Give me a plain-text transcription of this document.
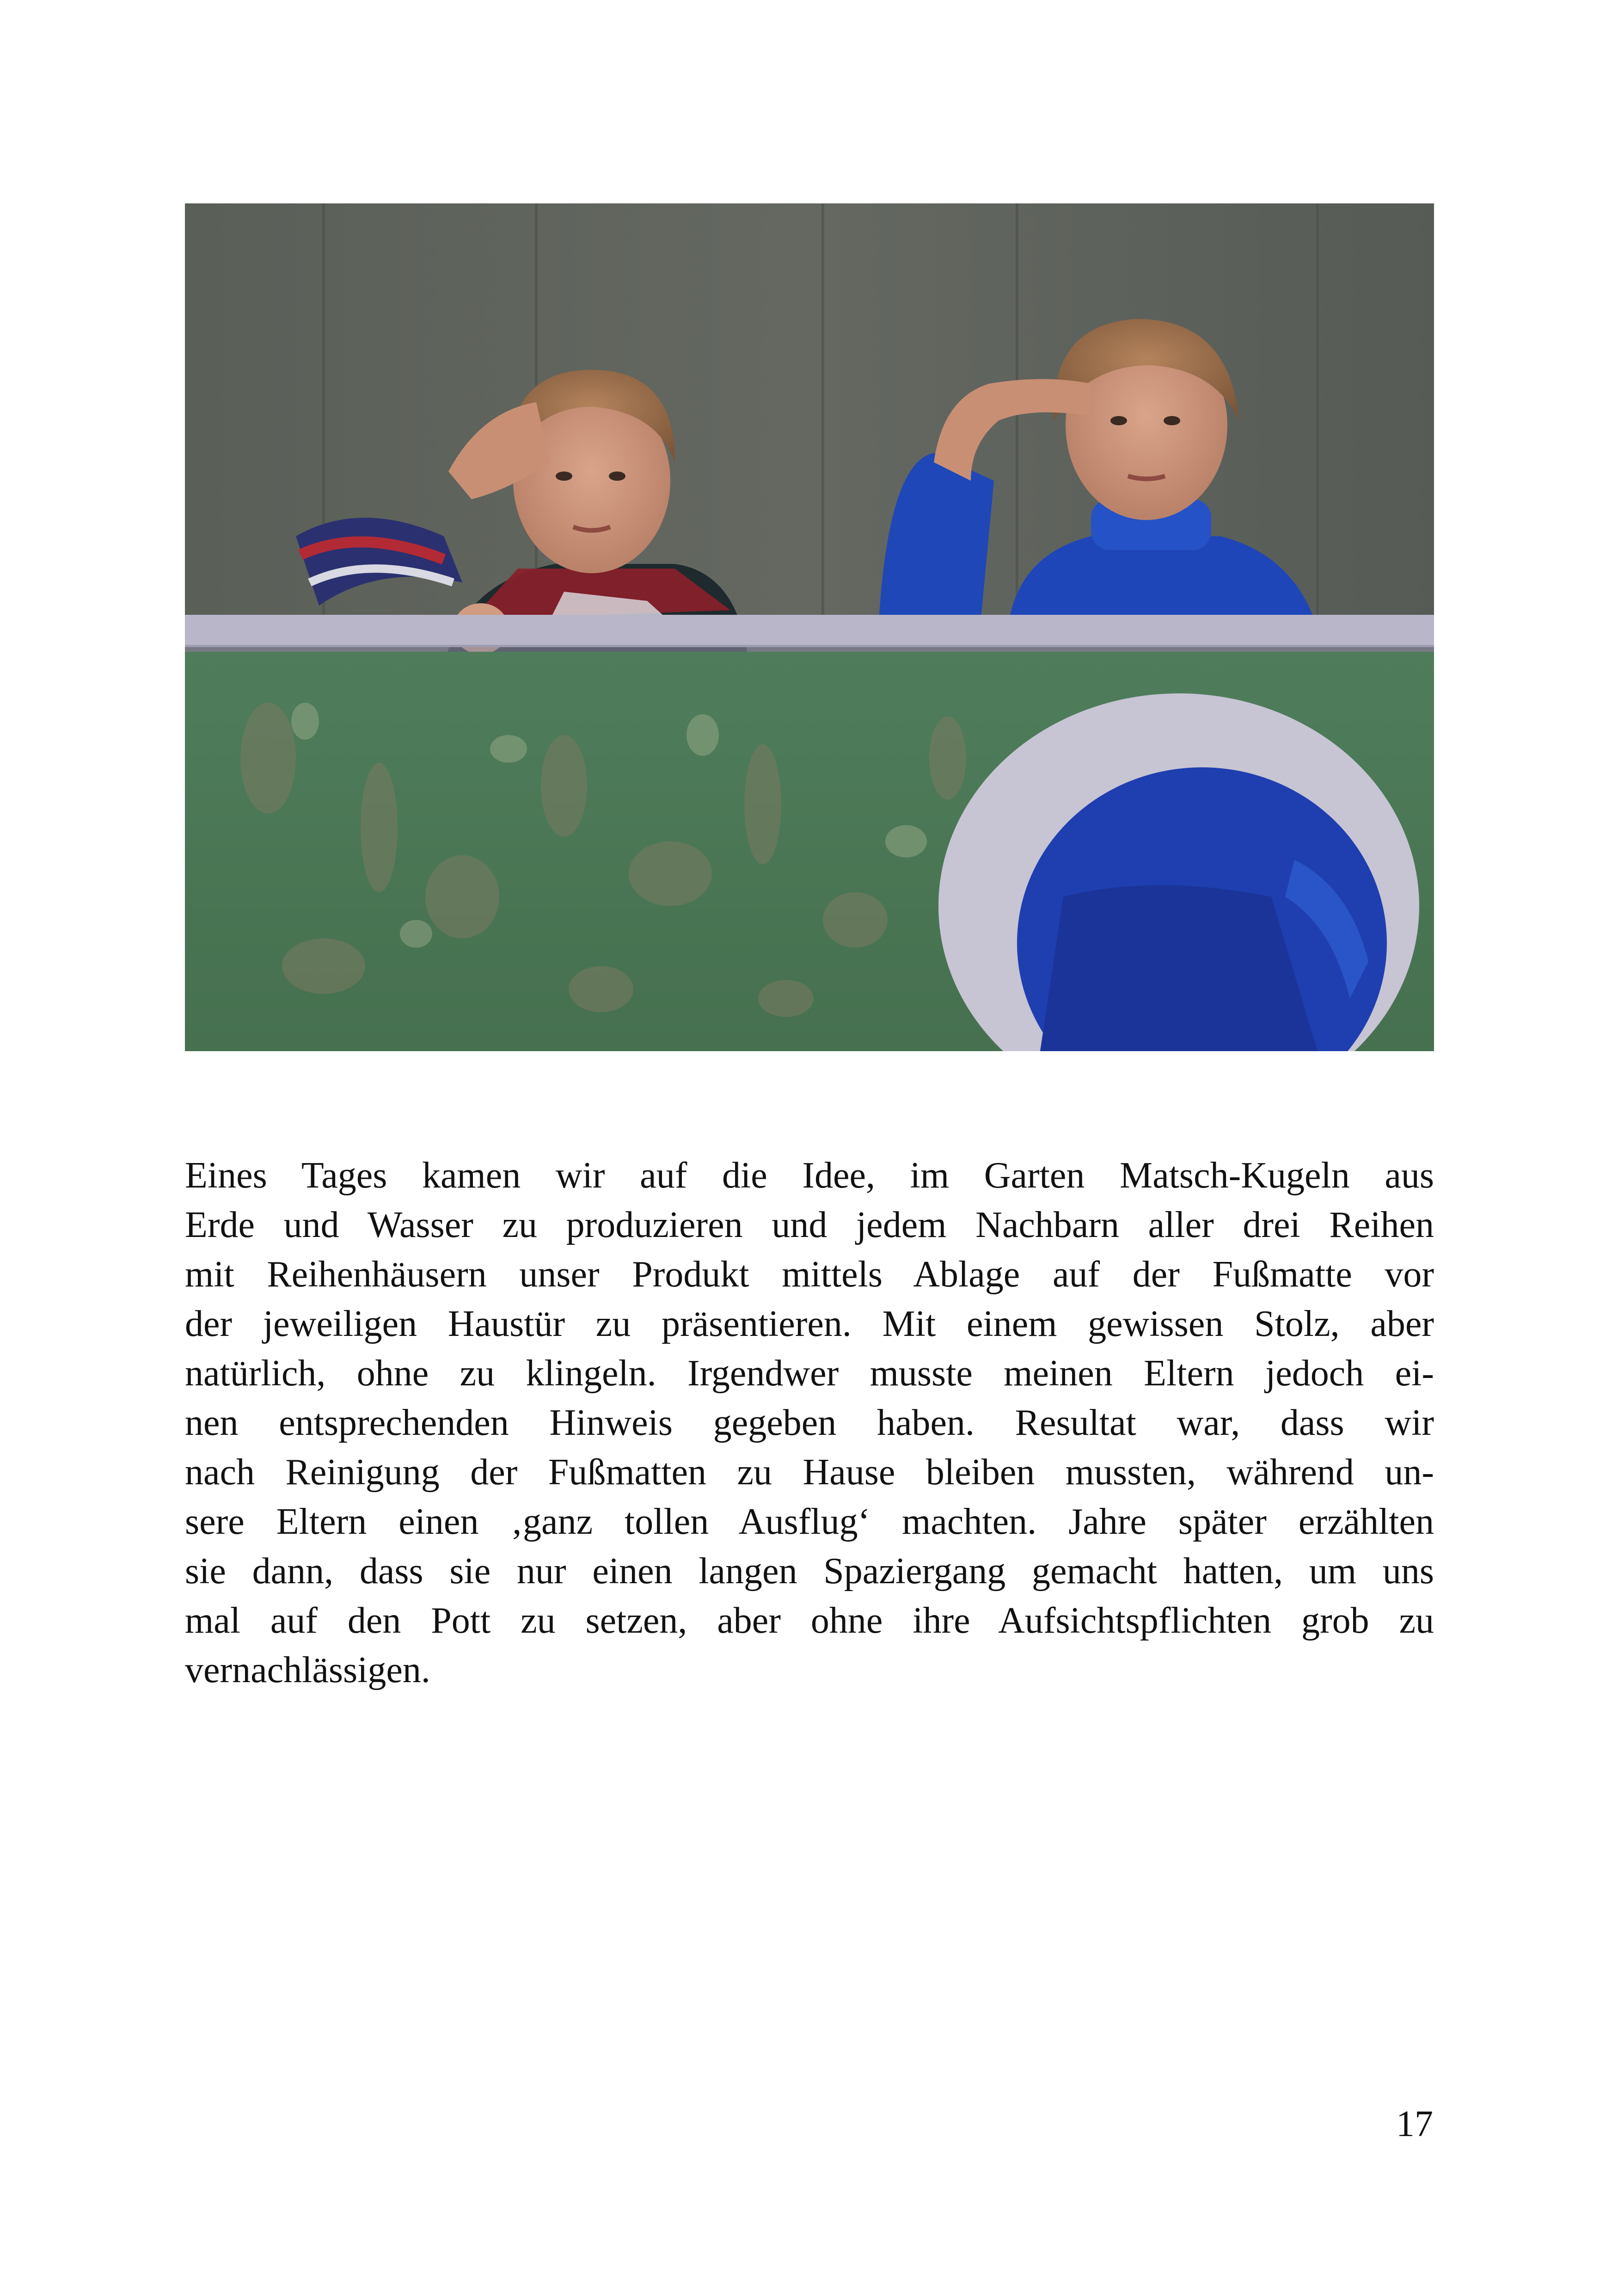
Eines Tages kamen wir auf die Idee, im Garten Matsch-Kugeln aus
Erde und Wasser zu produzieren und jedem Nachbarn aller drei Reihen
mit Reihenhäusern unser Produkt mittels Ablage auf der Fußmatte vor
der jeweiligen Haustür zu präsentieren. Mit einem gewissen Stolz, aber
natürlich, ohne zu klingeln. Irgendwer musste meinen Eltern jedoch ei-
nen entsprechenden Hinweis gegeben haben. Resultat war, dass wir
nach Reinigung der Fußmatten zu Hause bleiben mussten, während un-
sere Eltern einen ‚ganz tollen Ausflug‘ machten. Jahre später erzählten
sie dann, dass sie nur einen langen Spaziergang gemacht hatten, um uns
mal auf den Pott zu setzen, aber ohne ihre Aufsichtspflichten grob zu
vernachlässigen.
17
